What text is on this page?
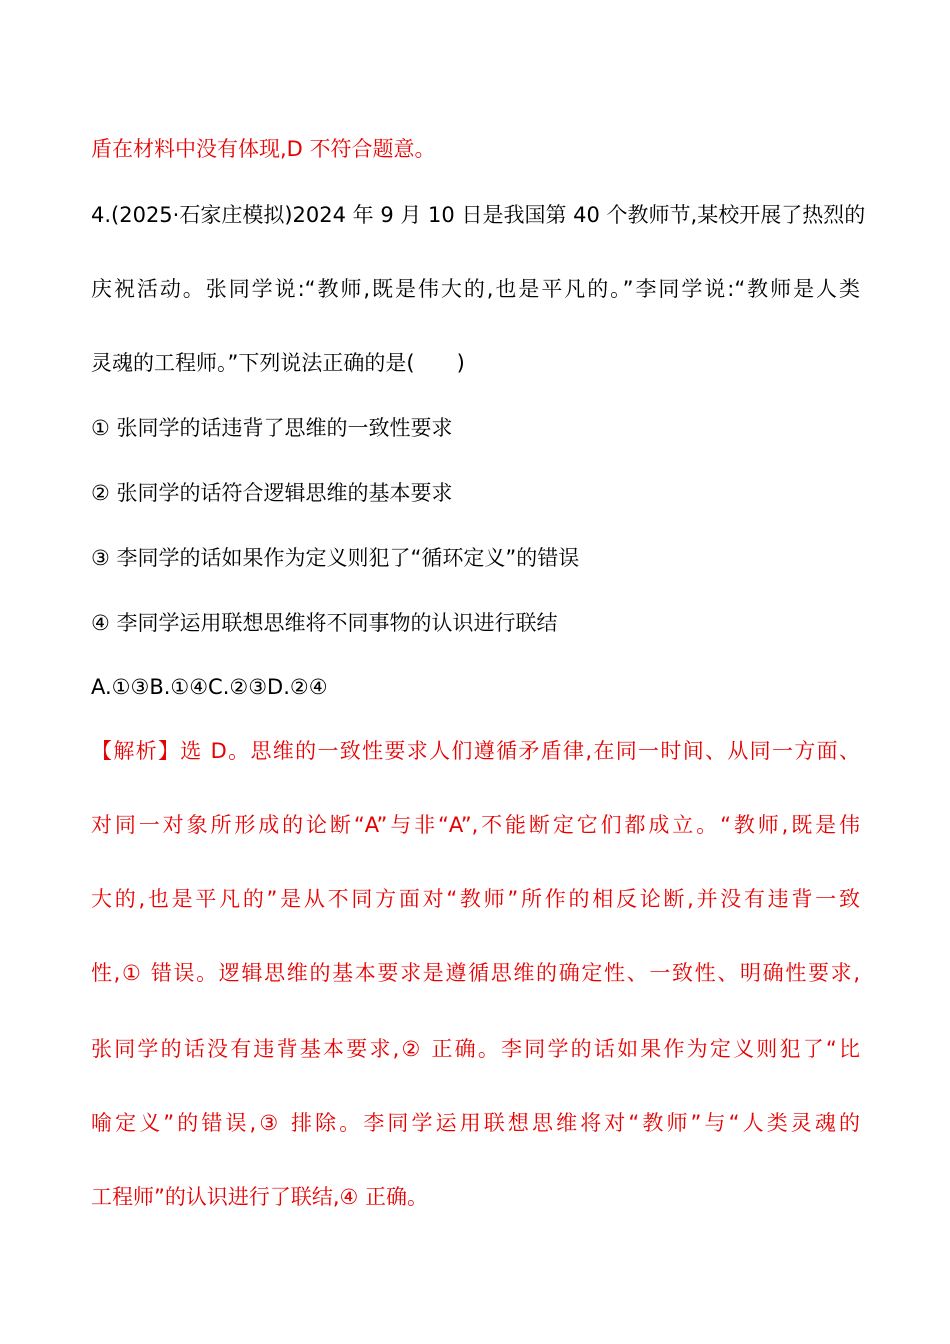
盾在材料中没有体现,D 不符合题意。
4.(2025·石家庄模拟)2024 年 9 月 10 日是我国第 40 个教师节,某校开展了热烈的
庆祝活动。张同学说:“教师,既是伟大的,也是平凡的。”李同学说:“教师是人类
灵魂的工程师。”下列说法正确的是(　　)
① 张同学的话违背了思维的一致性要求
② 张同学的话符合逻辑思维的基本要求
③ 李同学的话如果作为定义则犯了“循环定义”的错误
④ 李同学运用联想思维将不同事物的认识进行联结
A.①③B.①④C.②③D.②④
【解析】选 D。思维的一致性要求人们遵循矛盾律,在同一时间、从同一方面、
对同一对象所形成的论断“A”与非“A”,不能断定它们都成立。“教师,既是伟
大的,也是平凡的”是从不同方面对“教师”所作的相反论断,并没有违背一致
性,① 错误。逻辑思维的基本要求是遵循思维的确定性、一致性、明确性要求,
张同学的话没有违背基本要求,② 正确。李同学的话如果作为定义则犯了“比
喻定义”的错误,③ 排除。李同学运用联想思维将对“教师”与“人类灵魂的
工程师”的认识进行了联结,④ 正确。
